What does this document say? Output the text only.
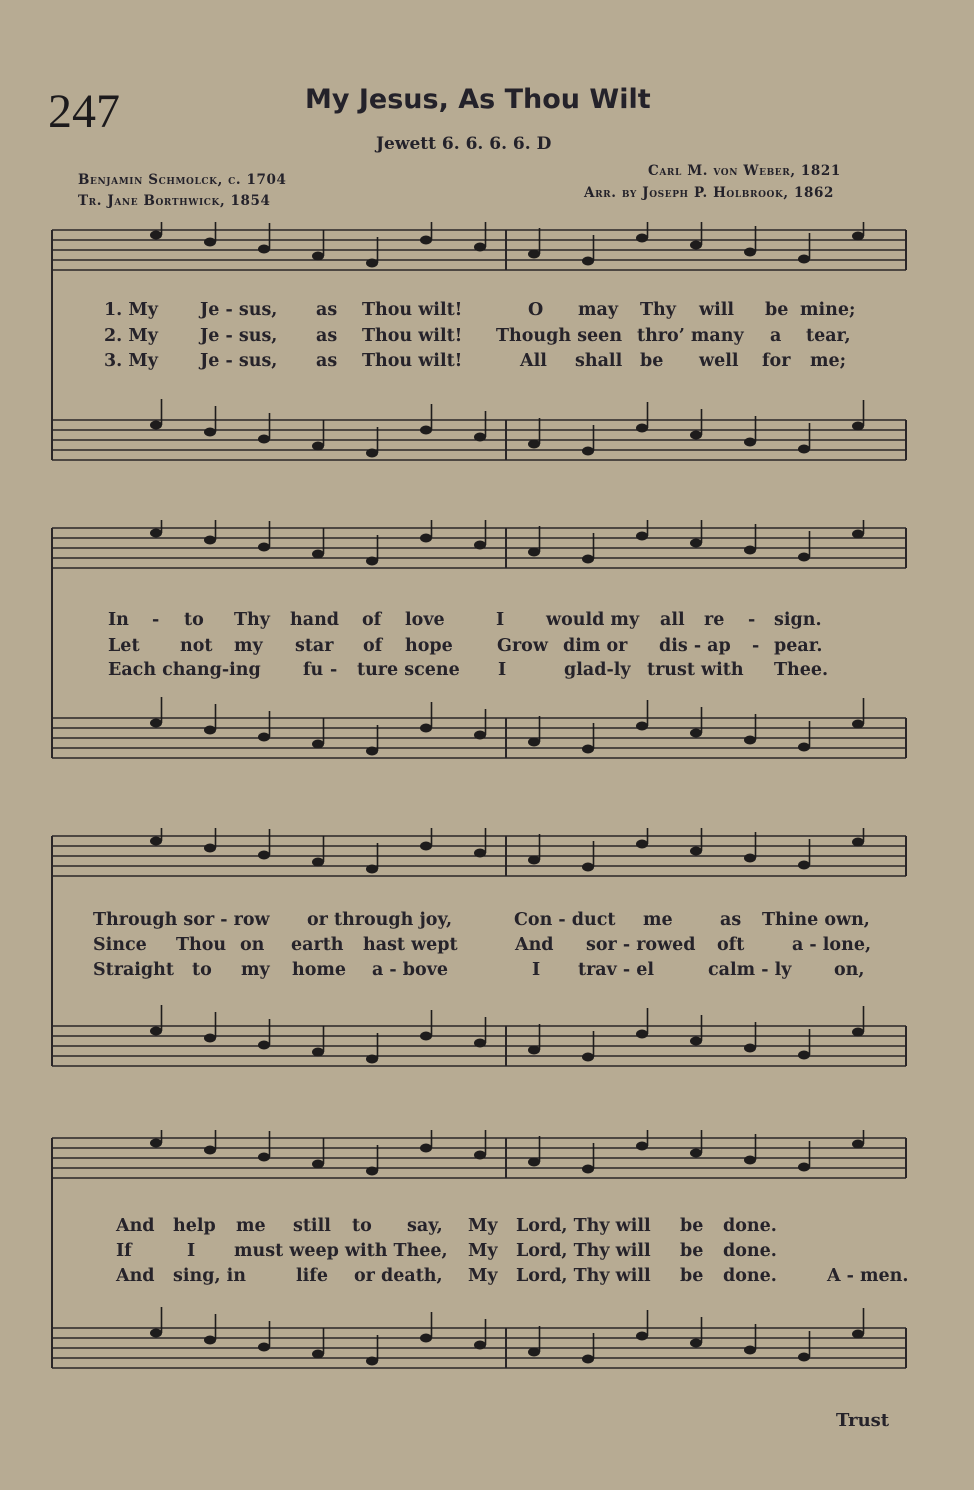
247	My Jesus, As Thou Wilt
Jewett 6. 6. 6. 6. D
Benjamin Schmolck, c. 1704
Tr. Jane Borthwick, 1854
Carl M. von Weber, 1821
Arr. by Joseph P. Holbrook, 1862
1. My Je - sus, as Thou wilt!	O may Thy will be mine;
2. My Je - sus, as Thou wilt! Though seen thro’ many a tear,
3. My Je - sus, as Thou wilt!	All shall be well for me;
In - to Thy hand of love	I would my all re - sign.
Let not my star of hope	Grow dim or dis - ap - pear.
Each chang-ing fu - ture scene I	glad-ly trust with Thee.
Through sor - row or through joy,	Con - duct me	as Thine own,
Since Thou on earth hast wept	And sor - rowed oft	a - lone,
Straight to my home a - bove	I trav - el	calm - ly on,
And help me still to say, My Lord, Thy will be done.
If	I must weep with Thee, My Lord, Thy will be done.
And sing, in	life or death, My Lord, Thy will be done.	A - men.
Trust
